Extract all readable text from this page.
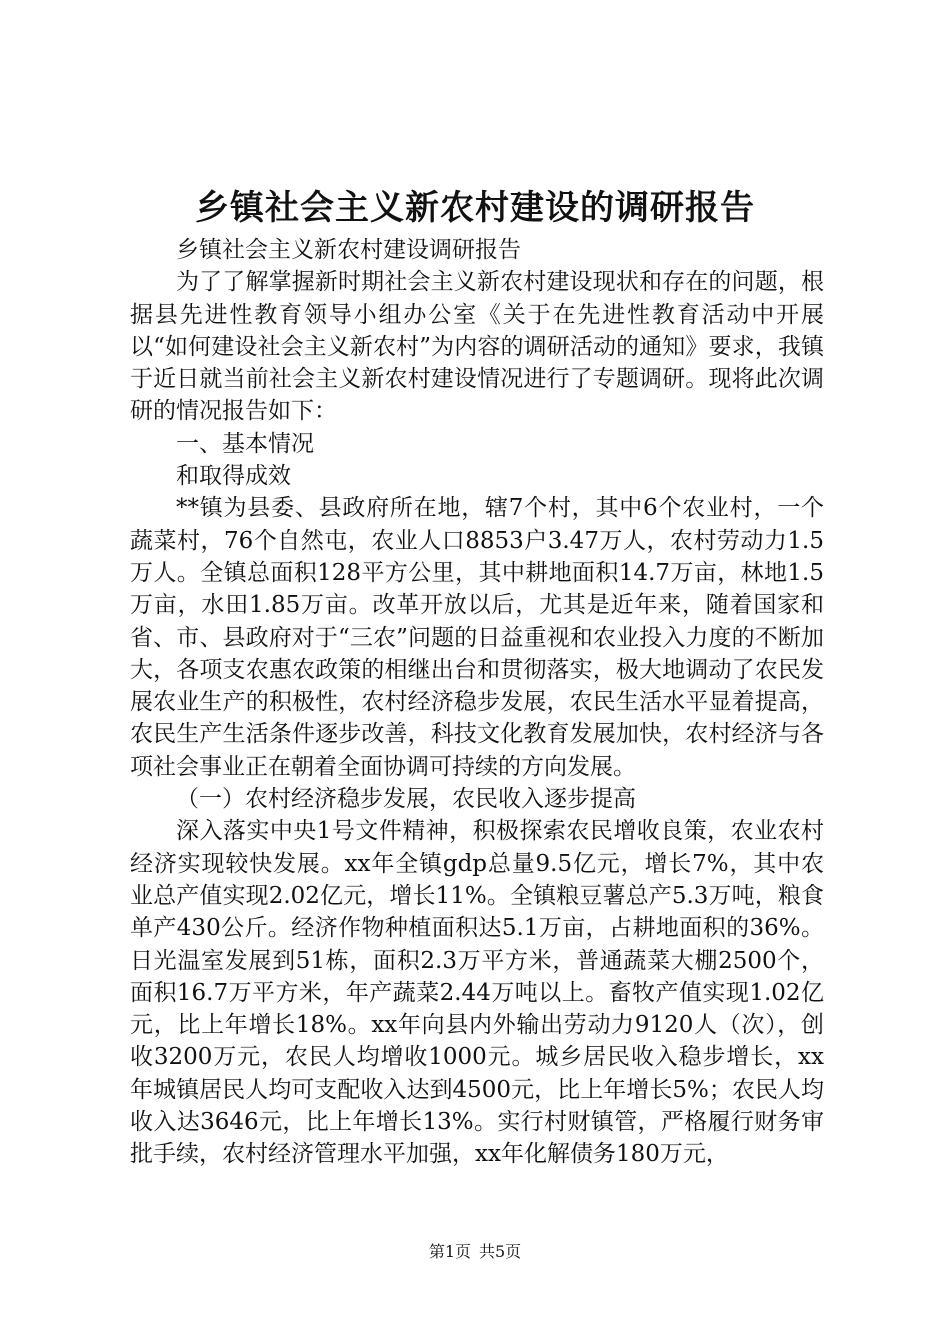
乡镇社会主义新农村建设的调研报告

乡镇社会主义新农村建设调研报告

为了了解掌握新时期社会主义新农村建设现状和存在的问题，根据县先进性教育领导小组办公室《关于在先进性教育活动中开展以“如何建设社会主义新农村”为内容的调研活动的通知》要求，我镇于近日就当前社会主义新农村建设情况进行了专题调研。现将此次调研的情况报告如下：

一、基本情况

和取得成效

**镇为县委、县政府所在地，辖7个村，其中6个农业村，一个蔬菜村，76个自然屯，农业人口8853户3.47万人，农村劳动力1.5万人。全镇总面积128平方公里，其中耕地面积14.7万亩，林地1.5万亩，水田1.85万亩。改革开放以后，尤其是近年来，随着国家和省、市、县政府对于“三农”问题的日益重视和农业投入力度的不断加大，各项支农惠农政策的相继出台和贯彻落实，极大地调动了农民发展农业生产的积极性，农村经济稳步发展，农民生活水平显着提高，农民生产生活条件逐步改善，科技文化教育发展加快，农村经济与各项社会事业正在朝着全面协调可持续的方向发展。

（一）农村经济稳步发展，农民收入逐步提高

深入落实中央1号文件精神，积极探索农民增收良策，农业农村经济实现较快发展。xx年全镇gdp总量9.5亿元，增长7%，其中农业总产值实现2.02亿元，增长11%。全镇粮豆薯总产5.3万吨，粮食单产430公斤。经济作物种植面积达5.1万亩，占耕地面积的36%。日光温室发展到51栋，面积2.3万平方米，普通蔬菜大棚2500个，面积16.7万平方米，年产蔬菜2.44万吨以上。畜牧产值实现1.02亿元，比上年增长18%。xx年向县内外输出劳动力9120人（次），创收3200万元，农民人均增收1000元。城乡居民收入稳步增长，xx年城镇居民人均可支配收入达到4500元，比上年增长5%；农民人均收入达3646元，比上年增长13%。实行村财镇管，严格履行财务审批手续，农村经济管理水平加强，xx年化解债务180万元，

第1页 共5页
